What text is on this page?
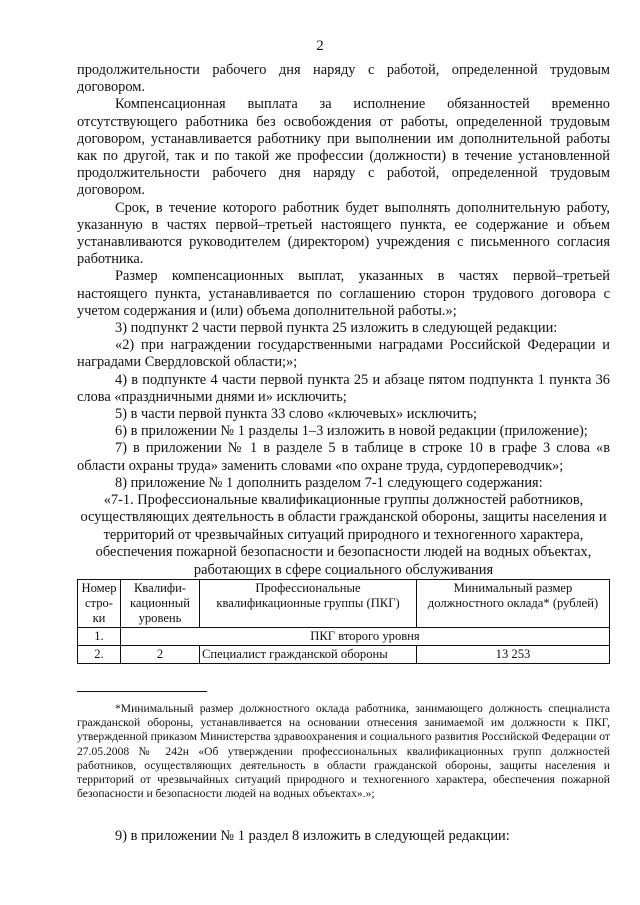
2

продолжительности рабочего дня наряду с работой, определенной трудовым договором.

Компенсационная выплата за исполнение обязанностей временно отсутствующего работника без освобождения от работы, определенной трудовым договором, устанавливается работнику при выполнении им дополнительной работы как по другой, так и по такой же профессии (должности) в течение установленной продолжительности рабочего дня наряду с работой, определенной трудовым договором.

Срок, в течение которого работник будет выполнять дополнительную работу, указанную в частях первой–третьей настоящего пункта, ее содержание и объем устанавливаются руководителем (директором) учреждения с письменного согласия работника.

Размер компенсационных выплат, указанных в частях первой–третьей настоящего пункта, устанавливается по соглашению сторон трудового договора с учетом содержания и (или) объема дополнительной работы.»;

3) подпункт 2 части первой пункта 25 изложить в следующей редакции:

«2) при награждении государственными наградами Российской Федерации и наградами Свердловской области;»;

4) в подпункте 4 части первой пункта 25 и абзаце пятом подпункта 1 пункта 36 слова «праздничными днями и» исключить;

5) в части первой пункта 33 слово «ключевых» исключить;

6) в приложении № 1 разделы 1–3 изложить в новой редакции (приложение);

7) в приложении № 1 в разделе 5 в таблице в строке 10 в графе 3 слова «в области охраны труда» заменить словами «по охране труда, сурдопереводчик»;

8) приложение № 1 дополнить разделом 7-1 следующего содержания:

«7-1. Профессиональные квалификационные группы должностей работников, осуществляющих деятельность в области гражданской обороны, защиты населения и территорий от чрезвычайных ситуаций природного и техногенного характера, обеспечения пожарной безопасности и безопасности людей на водных объектах, работающих в сфере социального обслуживания

Номер стро-ки	Квалифи-кационный уровень	Профессиональные квалификационные группы (ПКГ)	Минимальный размер должностного оклада* (рублей)
1.	ПКГ второго уровня		
2.	2	Специалист гражданской обороны	13 253

*Минимальный размер должностного оклада работника, занимающего должность специалиста гражданской обороны, устанавливается на основании отнесения занимаемой им должности к ПКГ, утвержденной приказом Министерства здравоохранения и социального развития Российской Федерации от 27.05.2008 № 242н «Об утверждении профессиональных квалификационных групп должностей работников, осуществляющих деятельность в области гражданской обороны, защиты населения и территорий от чрезвычайных ситуаций природного и техногенного характера, обеспечения пожарной безопасности и безопасности людей на водных объектах».»;

9) в приложении № 1 раздел 8 изложить в следующей редакции:
